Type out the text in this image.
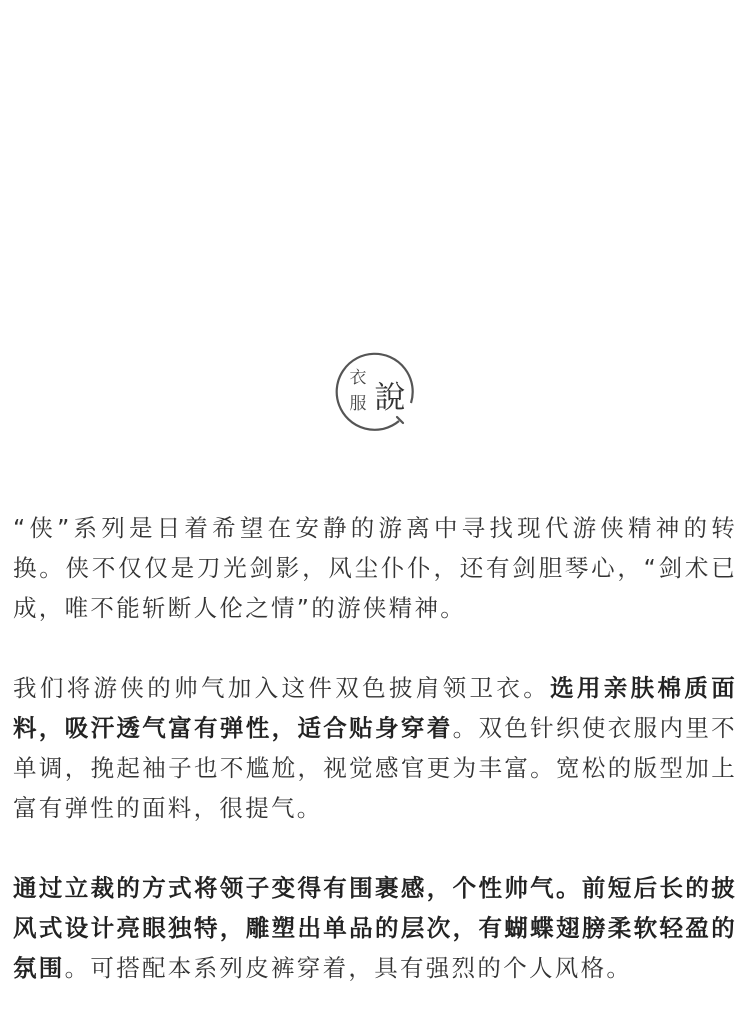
衣
服 說

“侠”系列是日着希望在安静的游离中寻找现代游侠精神的转换。侠不仅仅是刀光剑影，风尘仆仆，还有剑胆琴心，“剑术已成，唯不能斩断人伦之情”的游侠精神。

我们将游侠的帅气加入这件双色披肩领卫衣。选用亲肤棉质面料，吸汗透气富有弹性，适合贴身穿着。双色针织使衣服内里不单调，挽起袖子也不尴尬，视觉感官更为丰富。宽松的版型加上富有弹性的面料，很提气。

通过立裁的方式将领子变得有围裹感，个性帅气。前短后长的披风式设计亮眼独特，雕塑出单品的层次，有蝴蝶翅膀柔软轻盈的氛围。可搭配本系列皮裤穿着，具有强烈的个人风格。
